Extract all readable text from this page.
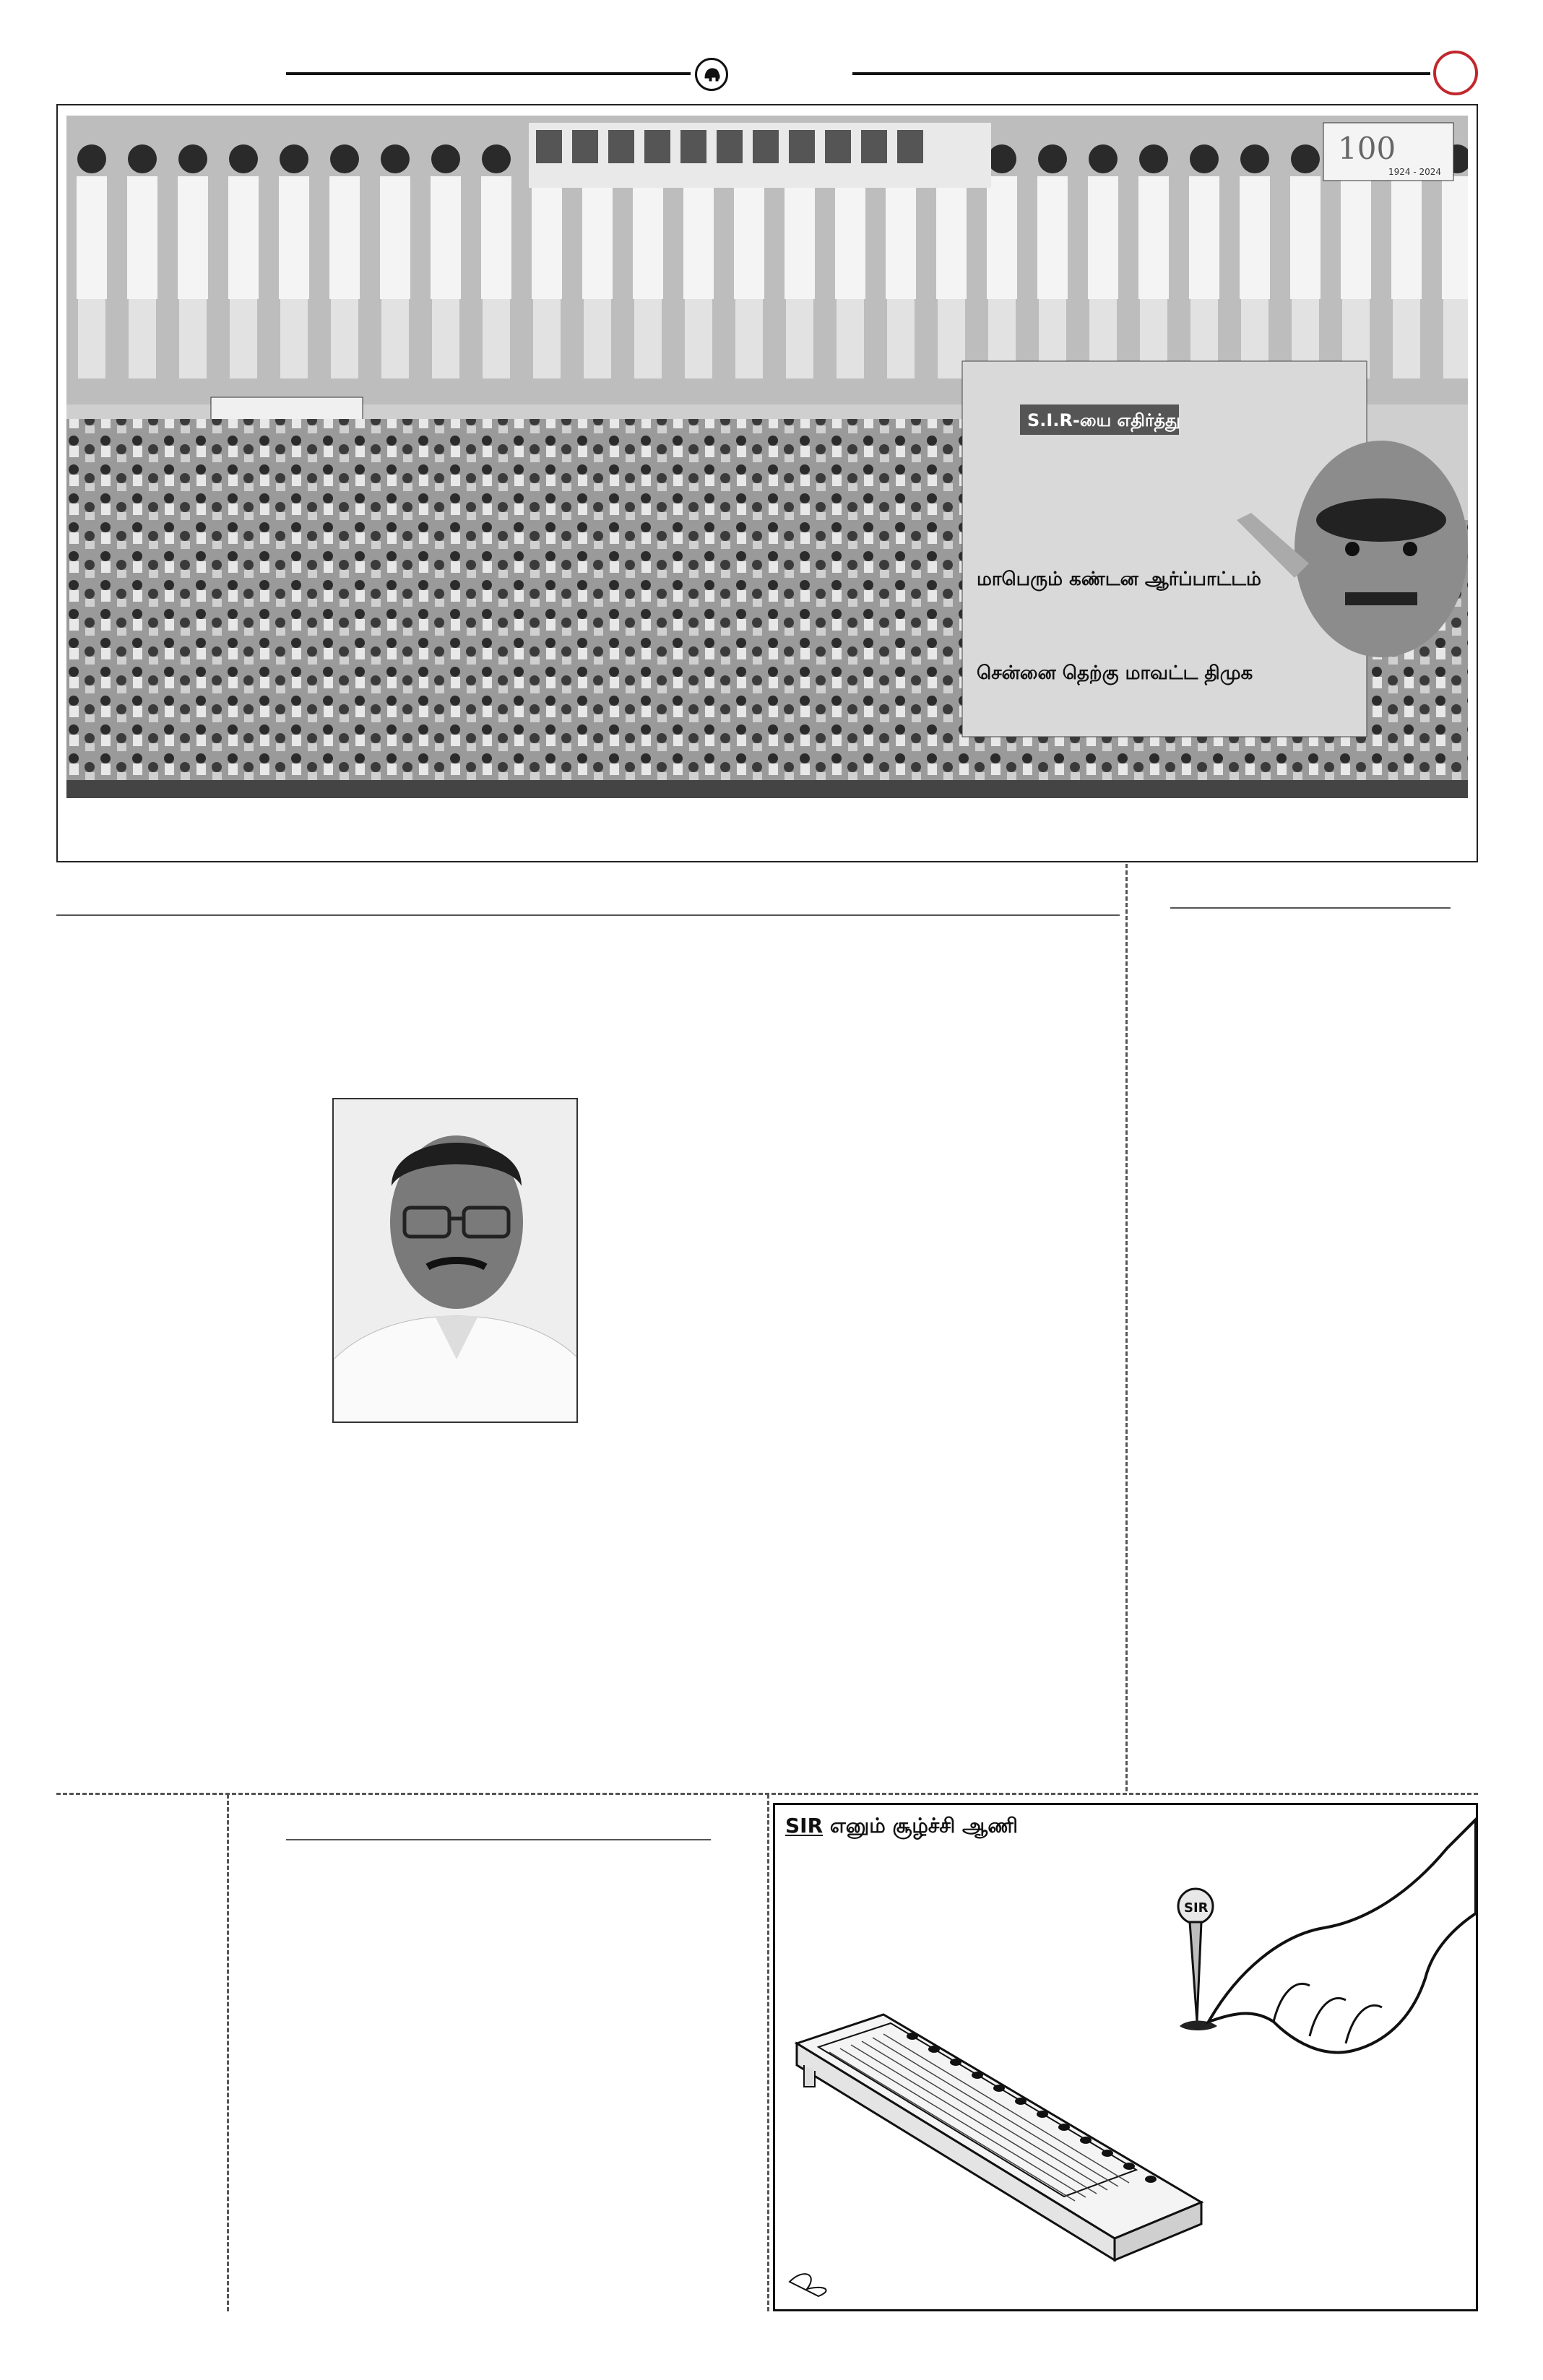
100
1924 - 2024
S.I.R-யை எதிர்த்து
மாபெரும் கண்டன ஆர்ப்பாட்டம்
சென்னை தெற்கு மாவட்ட திமுக
SIR எனும் சூழ்ச்சி ஆணி
SIR
